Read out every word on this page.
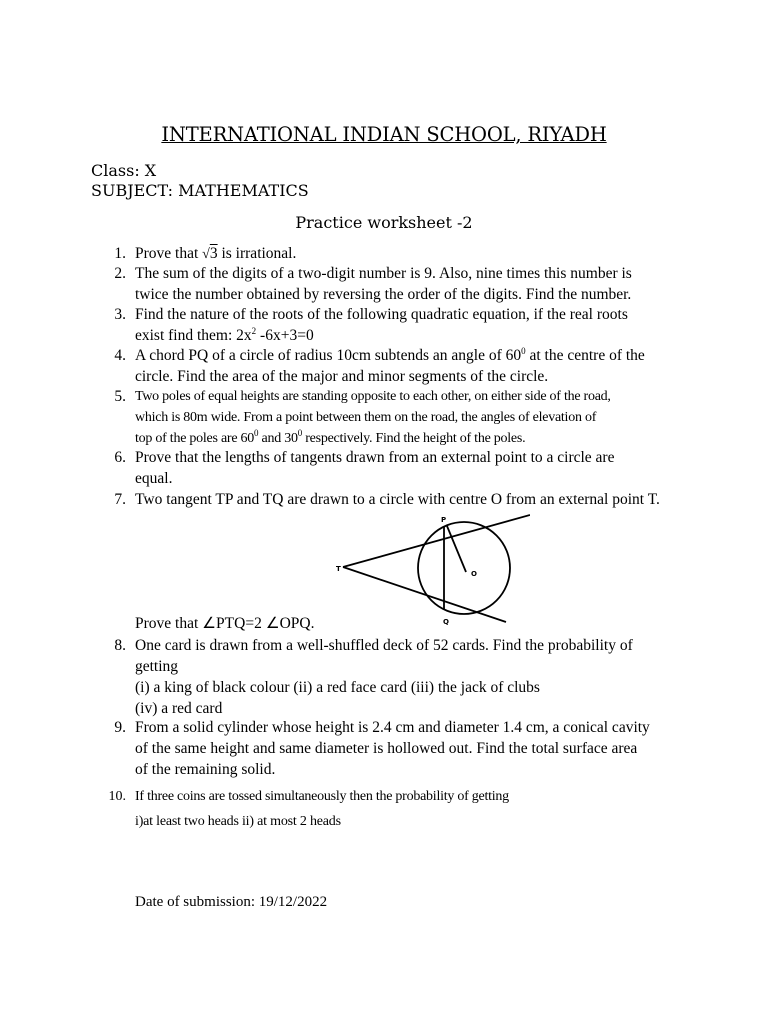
INTERNATIONAL INDIAN SCHOOL, RIYADH
Class: X
SUBJECT: MATHEMATICS
Practice worksheet -2
1. Prove that √3 is irrational.
2. The sum of the digits of a two-digit number is 9. Also, nine times this number is
twice the number obtained by reversing the order of the digits. Find the number.
3. Find the nature of the roots of the following quadratic equation, if the real roots
exist find them: $2x^2$ -6x+3=0
4. A chord PQ of a circle of radius 10cm subtends an angle of $60^0$ at the centre of the
circle. Find the area of the major and minor segments of the circle.
5. Two poles of equal heights are standing opposite to each other, on either side of the road,
which is 80m wide. From a point between them on the road, the angles of elevation of
top of the poles are $60^0$ and $30^0$ respectively. Find the height of the poles.
6. Prove that the lengths of tangents drawn from an external point to a circle are
equal.
7. Two tangent TP and TQ are drawn to a circle with centre O from an external point T.
P
T
O
Q
Prove that ∠PTQ=2 ∠OPQ.
8. One card is drawn from a well-shuffled deck of 52 cards. Find the probability of
getting
(i) a king of black colour (ii) a red face card (iii) the jack of clubs
(iv) a red card
9. From a solid cylinder whose height is 2.4 cm and diameter 1.4 cm, a conical cavity
of the same height and same diameter is hollowed out. Find the total surface area
of the remaining solid.
10. If three coins are tossed simultaneously then the probability of getting
i)at least two heads ii) at most 2 heads
Date of submission: 19/12/2022
